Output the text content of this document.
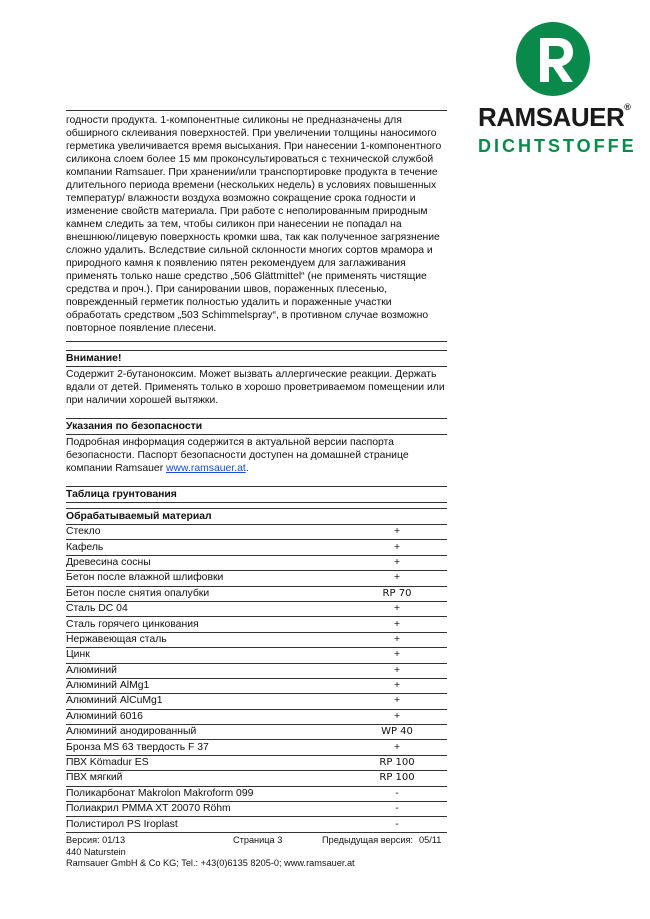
RAMSAUER®
DICHTSTOFFE

годности продукта. 1-компонентные силиконы не предназначены для обширного склеивания поверхностей. При увеличении толщины наносимого герметика увеличивается время высыхания. При нанесении 1-компонентного силикона слоем более 15 мм проконсультироваться с технической службой компании Ramsauer. При хранении/или транспортировке продукта в течение длительного периода времени (нескольких недель) в условиях повышенных температур/ влажности воздуха возможно сокращение срока годности и изменение свойств материала. При работе с неполированным природным камнем следить за тем, чтобы силикон при нанесении не попадал на внешнюю/лицевую поверхность кромки шва, так как полученное загрязнение сложно удалить. Вследствие сильной склонности многих сортов мрамора и природного камня к появлению пятен рекомендуем для заглаживания применять только наше средство „506 Glättmittel“ (не применять чистящие средства и проч.). При санировании швов, пораженных плесенью, поврежденный герметик полностью удалить и пораженные участки обработать средством „503 Schimmelspray“, в противном случае возможно повторное появление плесени.

Внимание!

Содержит 2-бутаноноксим. Может вызвать аллергические реакции. Держать вдали от детей. Применять только в хорошо проветриваемом помещении или при наличии хорошей вытяжки.

Указания по безопасности

Подробная информация содержится в актуальной версии паспорта безопасности. Паспорт безопасности доступен на домашней странице компании Ramsauer www.ramsauer.at.

Таблица грунтования
Обрабатываемый материал
Стекло	+
Кафель	+
Древесина сосны	+
Бетон после влажной шлифовки	+
Бетон после снятия опалубки	RP 70
Сталь DC 04	+
Сталь горячего цинкования	+
Нержавеющая сталь	+
Цинк	+
Алюминий	+
Алюминий AlMg1	+
Алюминий AlCuMg1	+
Алюминий 6016	+
Алюминий анодированный	WP 40
Бронза MS 63 твердость F 37	+
ПВХ Kömadur ES	RP 100
ПВХ мягкий	RP 100
Поликарбонат Makrolon Makroform 099	-
Полиакрил PMMA XT 20070 Röhm	-
Полистирол PS Iroplast	-
Версия: 01/13	Страница 3	Предыдущая версия: 05/11
440 Naturstein
Ramsauer GmbH & Co KG; Tel.: +43(0)6135 8205-0; www.ramsauer.at
